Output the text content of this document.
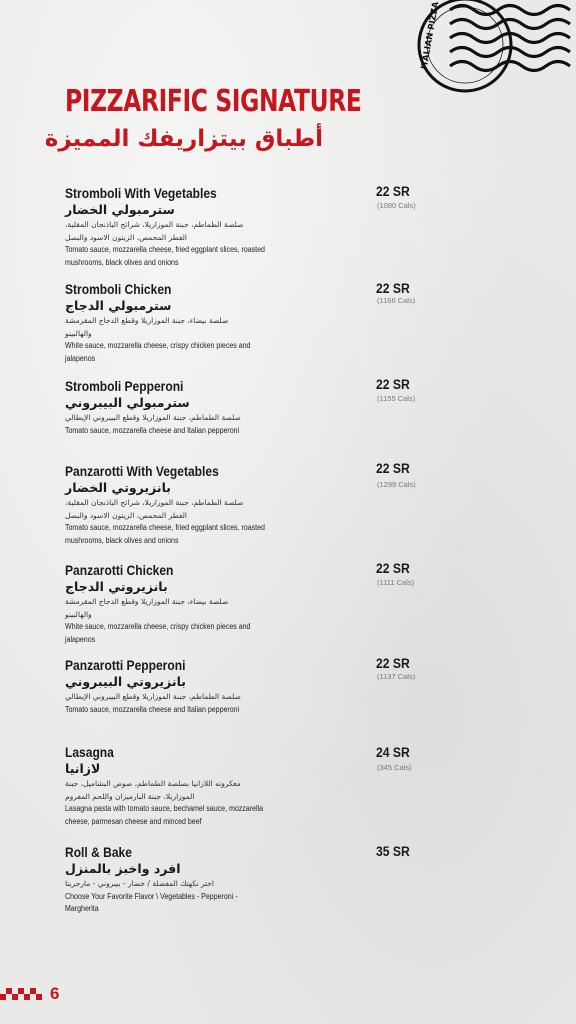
ITALIAN PIZZA
PIZZARIFIC SIGNATURE
أطباق بيتزاريفك المميزة
Stromboli With Vegetables
سترمبولي الخضار
صلصة الطماطم، جبنة الموزاريلا، شرائح الباذنجان المقلية، الفطر المحمص، الزيتون الاسود والبصل
Tomato sauce, mozzarella cheese, fried eggplant slices, roasted mushrooms, black olives and onions
22 SR
(1080 Cals)
Stromboli Chicken
سترمبولي الدجاج
صلصة بيضاء، جبنة الموزاريلا وقطع الدجاج المقرمشة والهالبينو
White sauce, mozzarella cheese, crispy chicken pieces and jalapenos
22 SR
(1166 Cals)
Stromboli Pepperoni
سترمبولي البيبروني
صلصة الطماطم، جبنة الموزاريلا وقطع البيبروني الإيطالي
Tomato sauce, mozzarella cheese and Italian pepperoni
22 SR
(1155 Cals)
Panzarotti With Vegetables
بانزيروتي الخضار
صلصة الطماطم، جبنة الموزاريلا، شرائح الباذنجان المقلية، الفطر المحمص، الزيتون الاسود والبصل
Tomato sauce, mozzarella cheese, fried eggplant slices, roasted mushrooms, black olives and onions
22 SR
(1299 Cals)
Panzarotti Chicken
بانزيروتي الدجاج
صلصة بيضاء، جبنة الموزاريلا وقطع الدجاج المقرمشة والهالبينو
White sauce, mozzarella cheese, crispy chicken pieces and jalapenos
22 SR
(1111 Cals)
Panzarotti Pepperoni
بانزيروتي البيبروني
صلصة الطماطم، جبنة الموزاريلا وقطع البيبروني الإيطالي
Tomato sauce, mozzarella cheese and Italian pepperoni
22 SR
(1137 Cals)
Lasagna
لازانيا
معكرونه اللازانيا بصلصة الطماطم، صوص البشاميل، جبنة الموزاريلا، جبنة البارميزان واللحم المفروم
Lasagna pasta with tomato sauce, bechamel sauce, mozzarella cheese, parmesan cheese and minced beef
24 SR
(345 Cals)
Roll & Bake
افرد واخبز بالمنزل
اختر نكهتك المفضلة / خضار - بيبروني - مارجريتا
Choose Your Favorite Flavor \ Vegetables - Pepperoni - Margherita
35 SR
6
